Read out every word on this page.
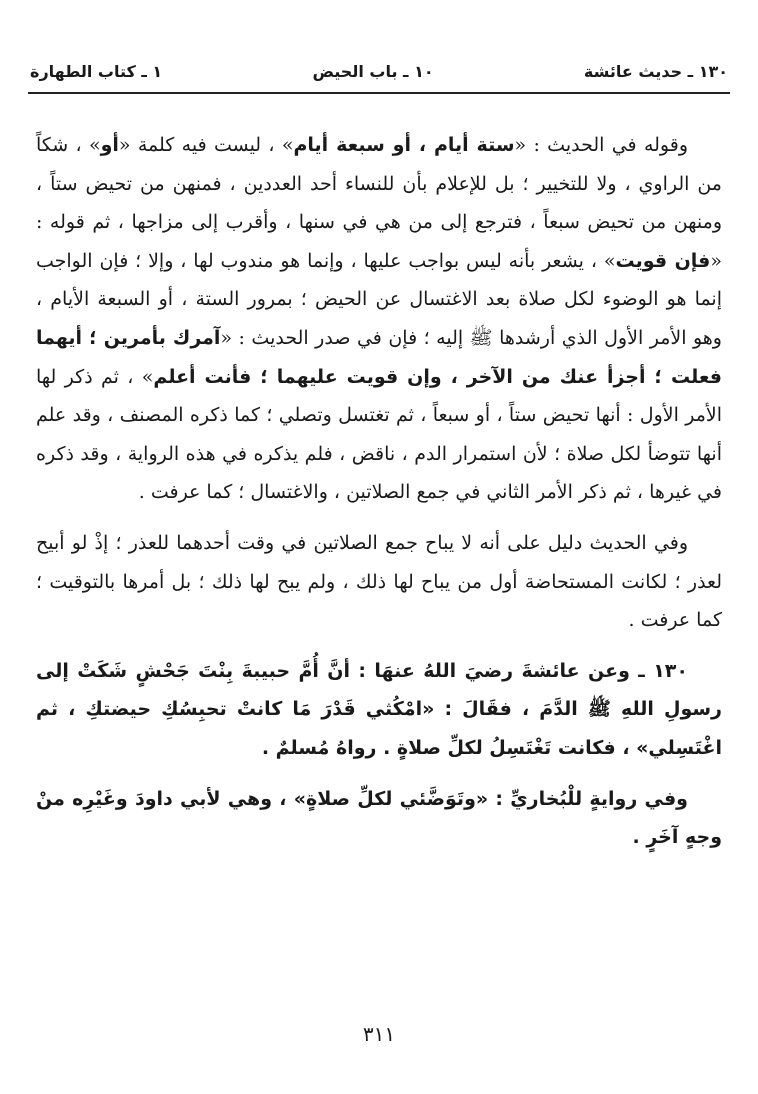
١ ـ كتاب الطهارة	١٠ ـ باب الحيض	١٣٠ ـ حديث عائشة

وقوله في الحديث : «ستة أيام ، أو سبعة أيام» ، ليست فيه كلمة «أو» ، شكاً من الراوي ، ولا للتخيير ؛ بل للإعلام بأن للنساء أحد العددين ، فمنهن من تحيض ستاً ، ومنهن من تحيض سبعاً ، فترجع إلى من هي في سنها ، وأقرب إلى مزاجها ، ثم قوله : «فإن قويت» ، يشعر بأنه ليس بواجب عليها ، وإنما هو مندوب لها ، وإلا ؛ فإن الواجب إنما هو الوضوء لكل صلاة بعد الاغتسال عن الحيض ؛ بمرور الستة ، أو السبعة الأيام ، وهو الأمر الأول الذي أرشدها ﷺ إليه ؛ فإن في صدر الحديث : «آمرك بأمرين ؛ أيهما فعلت ؛ أجزأ عنك من الآخر ، وإن قويت عليهما ؛ فأنت أعلم» ، ثم ذكر لها الأمر الأول : أنها تحيض ستاً ، أو سبعاً ، ثم تغتسل وتصلي ؛ كما ذكره المصنف ، وقد علم أنها تتوضأ لكل صلاة ؛ لأن استمرار الدم ، ناقض ، فلم يذكره في هذه الرواية ، وقد ذكره في غيرها ، ثم ذكر الأمر الثاني في جمع الصلاتين ، والاغتسال ؛ كما عرفت .

وفي الحديث دليل على أنه لا يباح جمع الصلاتين في وقت أحدهما للعذر ؛ إذْ لو أبيح لعذر ؛ لكانت المستحاضة أول من يباح لها ذلك ، ولم يبح لها ذلك ؛ بل أمرها بالتوقيت ؛ كما عرفت .

١٣٠ ـ وعن عائشةَ رضيَ اللهُ عنهَا : أنَّ أُمَّ حبيبةَ بِنْتَ جَحْشٍ شَكَتْ إلى رسولِ اللهِ ﷺ الدَّمَ ، فقَالَ : «امْكُثي قَدْرَ مَا كانتْ تحبِسُكِ حيضتكِ ، ثم اغْتَسِلي» ، فكانت تَغْتَسِلُ لكلِّ صلاةٍ . رواهُ مُسلمٌ .

وفي روايةٍ للْبُخاريِّ : «وتَوَضَّئي لكلِّ صلاةٍ» ، وهي لأبي داودَ وغَيْرِه منْ وجهٍ آخَرٍ .

٣١١
